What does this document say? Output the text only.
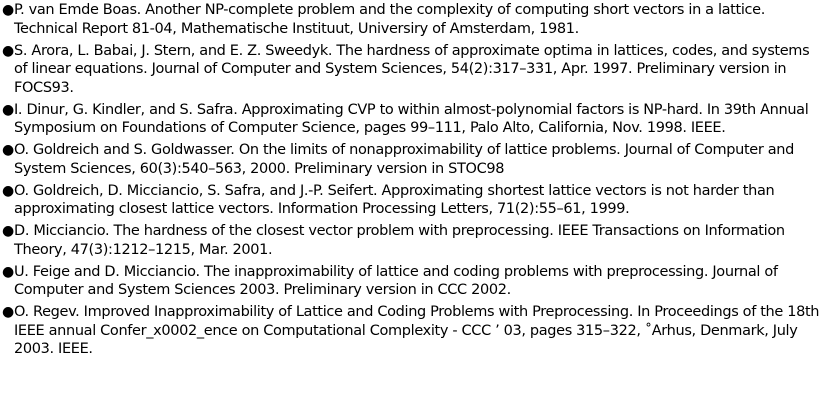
● P. van Emde Boas. Another NP-complete problem and the complexity of computing short vectors in a lattice. Technical Report 81-04, Mathematische Instituut, Universiry of Amsterdam, 1981.
● S. Arora, L. Babai, J. Stern, and E. Z. Sweedyk. The hardness of approximate optima in lattices, codes, and systems of linear equations. Journal of Computer and System Sciences, 54(2):317–331, Apr. 1997. Preliminary version in FOCS93.
● I. Dinur, G. Kindler, and S. Safra. Approximating CVP to within almost-polynomial factors is NP-hard. In 39th Annual Symposium on Foundations of Computer Science, pages 99–111, Palo Alto, California, Nov. 1998. IEEE.
● O. Goldreich and S. Goldwasser. On the limits of nonapproximability of lattice problems. Journal of Computer and System Sciences, 60(3):540–563, 2000. Preliminary version in STOC98
● O. Goldreich, D. Micciancio, S. Safra, and J.-P. Seifert. Approximating shortest lattice vectors is not harder than approximating closest lattice vectors. Information Processing Letters, 71(2):55–61, 1999.
● D. Micciancio. The hardness of the closest vector problem with preprocessing. IEEE Transactions on Information Theory, 47(3):1212–1215, Mar. 2001.
● U. Feige and D. Micciancio. The inapproximability of lattice and coding problems with preprocessing. Journal of Computer and System Sciences 2003. Preliminary version in CCC 2002.
● O. Regev. Improved Inapproximability of Lattice and Coding Problems with Preprocessing. In Proceedings of the 18th IEEE annual Confer_x0002_ence on Computational Complexity - CCC ’ 03, pages 315–322, ˚Arhus, Denmark, July 2003. IEEE.
